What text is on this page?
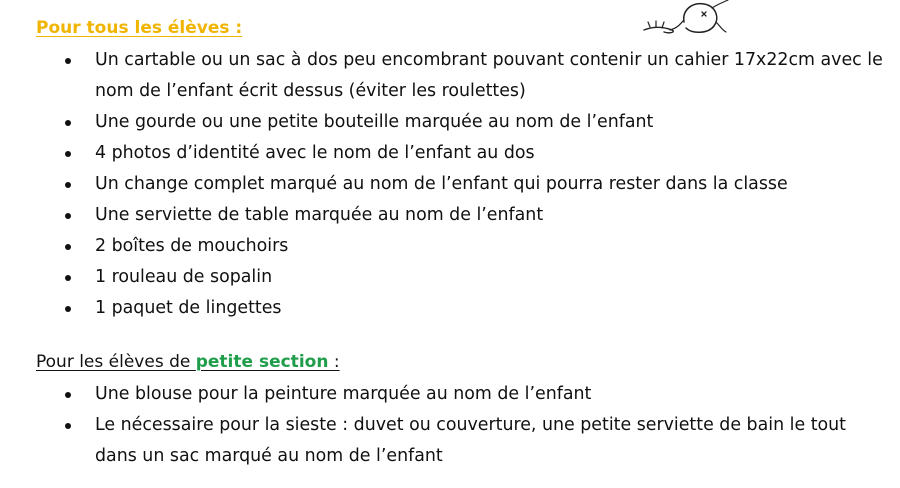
Pour tous les élèves :
Un cartable ou un sac à dos peu encombrant pouvant contenir un cahier 17x22cm avec le
nom de l’enfant écrit dessus (éviter les roulettes)
Une gourde ou une petite bouteille marquée au nom de l’enfant
4 photos d’identité avec le nom de l’enfant au dos
Un change complet marqué au nom de l’enfant qui pourra rester dans la classe
Une serviette de table marquée au nom de l’enfant
2 boîtes de mouchoirs
1 rouleau de sopalin
1 paquet de lingettes
Pour les élèves de petite section :
Une blouse pour la peinture marquée au nom de l’enfant
Le nécessaire pour la sieste : duvet ou couverture, une petite serviette de bain le tout
dans un sac marqué au nom de l’enfant
